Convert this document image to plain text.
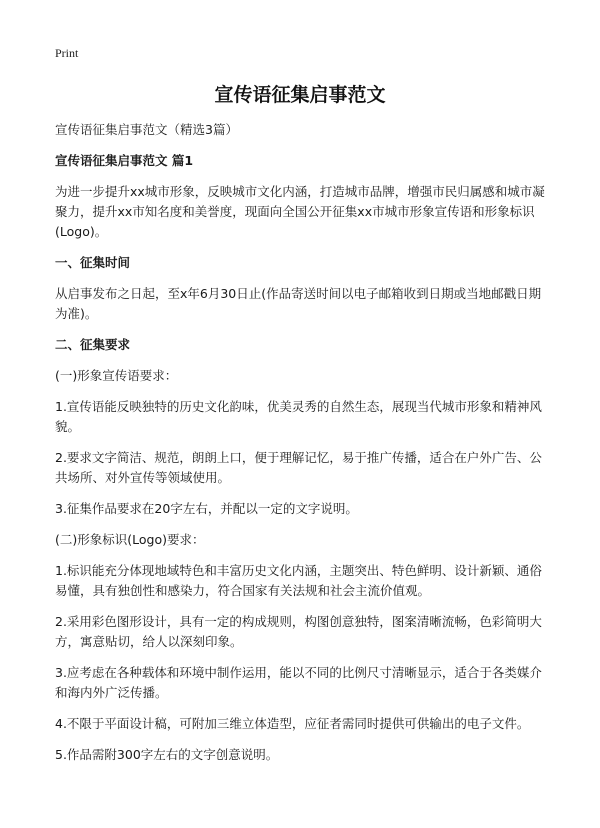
Print
宣传语征集启事范文

宣传语征集启事范文（精选3篇）

宣传语征集启事范文 篇1

为进一步提升xx城市形象，反映城市文化内涵，打造城市品牌，增强市民归属感和城市凝聚力，提升xx市知名度和美誉度，现面向全国公开征集xx市城市形象宣传语和形象标识(Logo)。

一、征集时间

从启事发布之日起，至x年6月30日止(作品寄送时间以电子邮箱收到日期或当地邮戳日期为准)。

二、征集要求

(一)形象宣传语要求：

1.宣传语能反映独特的历史文化韵味，优美灵秀的自然生态，展现当代城市形象和精神风貌。

2.要求文字简洁、规范，朗朗上口，便于理解记忆，易于推广传播，适合在户外广告、公共场所、对外宣传等领域使用。

3.征集作品要求在20字左右，并配以一定的文字说明。

(二)形象标识(Logo)要求：

1.标识能充分体现地域特色和丰富历史文化内涵，主题突出、特色鲜明、设计新颖、通俗易懂，具有独创性和感染力，符合国家有关法规和社会主流价值观。

2.采用彩色图形设计，具有一定的构成规则，构图创意独特，图案清晰流畅，色彩简明大方，寓意贴切，给人以深刻印象。

3.应考虑在各种载体和环境中制作运用，能以不同的比例尺寸清晰显示，适合于各类媒介和海内外广泛传播。

4.不限于平面设计稿，可附加三维立体造型，应征者需同时提供可供输出的电子文件。

5.作品需附300字左右的文字创意说明。
